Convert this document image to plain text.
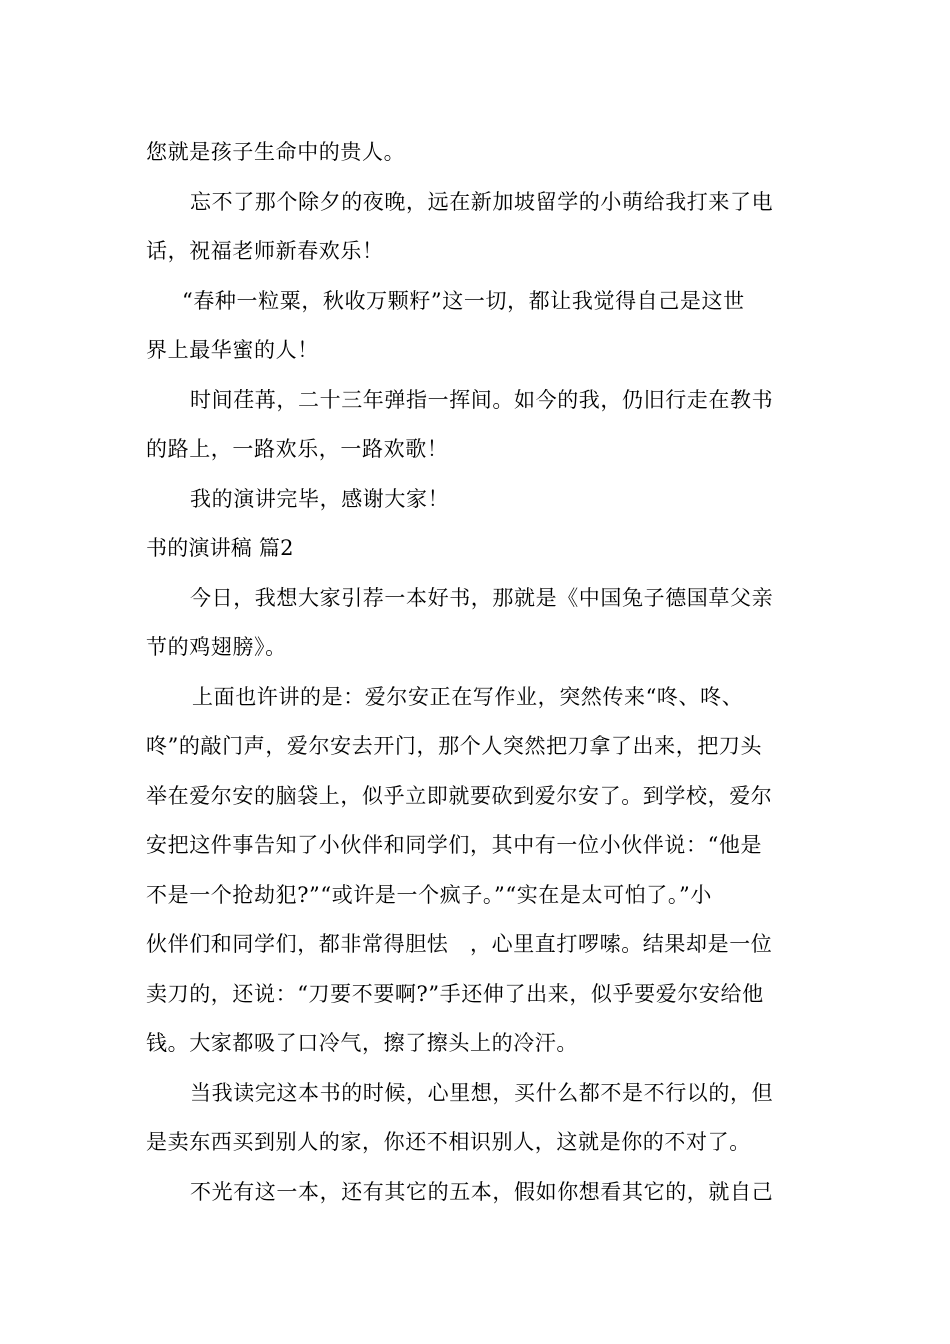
您就是孩子生命中的贵人。
忘不了那个除夕的夜晚，远在新加坡留学的小萌给我打来了电
话，祝福老师新春欢乐！
“春种一粒粟，秋收万颗籽”这一切，都让我觉得自己是这世
界上最华蜜的人！
时间荏苒，二十三年弹指一挥间。如今的我，仍旧行走在教书
的路上，一路欢乐，一路欢歌！
我的演讲完毕，感谢大家！
书的演讲稿 篇2
今日，我想大家引荐一本好书，那就是《中国兔子德国草父亲
节的鸡翅膀》。
上面也许讲的是：爱尔安正在写作业，突然传来“咚、咚、
咚”的敲门声，爱尔安去开门，那个人突然把刀拿了出来，把刀头
举在爱尔安的脑袋上，似乎立即就要砍到爱尔安了。到学校，爱尔
安把这件事告知了小伙伴和同学们，其中有一位小伙伴说：“他是
不是一个抢劫犯?”“或许是一个疯子。”“实在是太可怕了。”小
伙伴们和同学们，都非常得胆怯　，心里直打啰嗦。结果却是一位
卖刀的，还说：“刀要不要啊?”手还伸了出来，似乎要爱尔安给他
钱。大家都吸了口冷气，擦了擦头上的冷汗。
当我读完这本书的时候，心里想，买什么都不是不行以的，但
是卖东西买到别人的家，你还不相识别人，这就是你的不对了。
不光有这一本，还有其它的五本，假如你想看其它的，就自己
